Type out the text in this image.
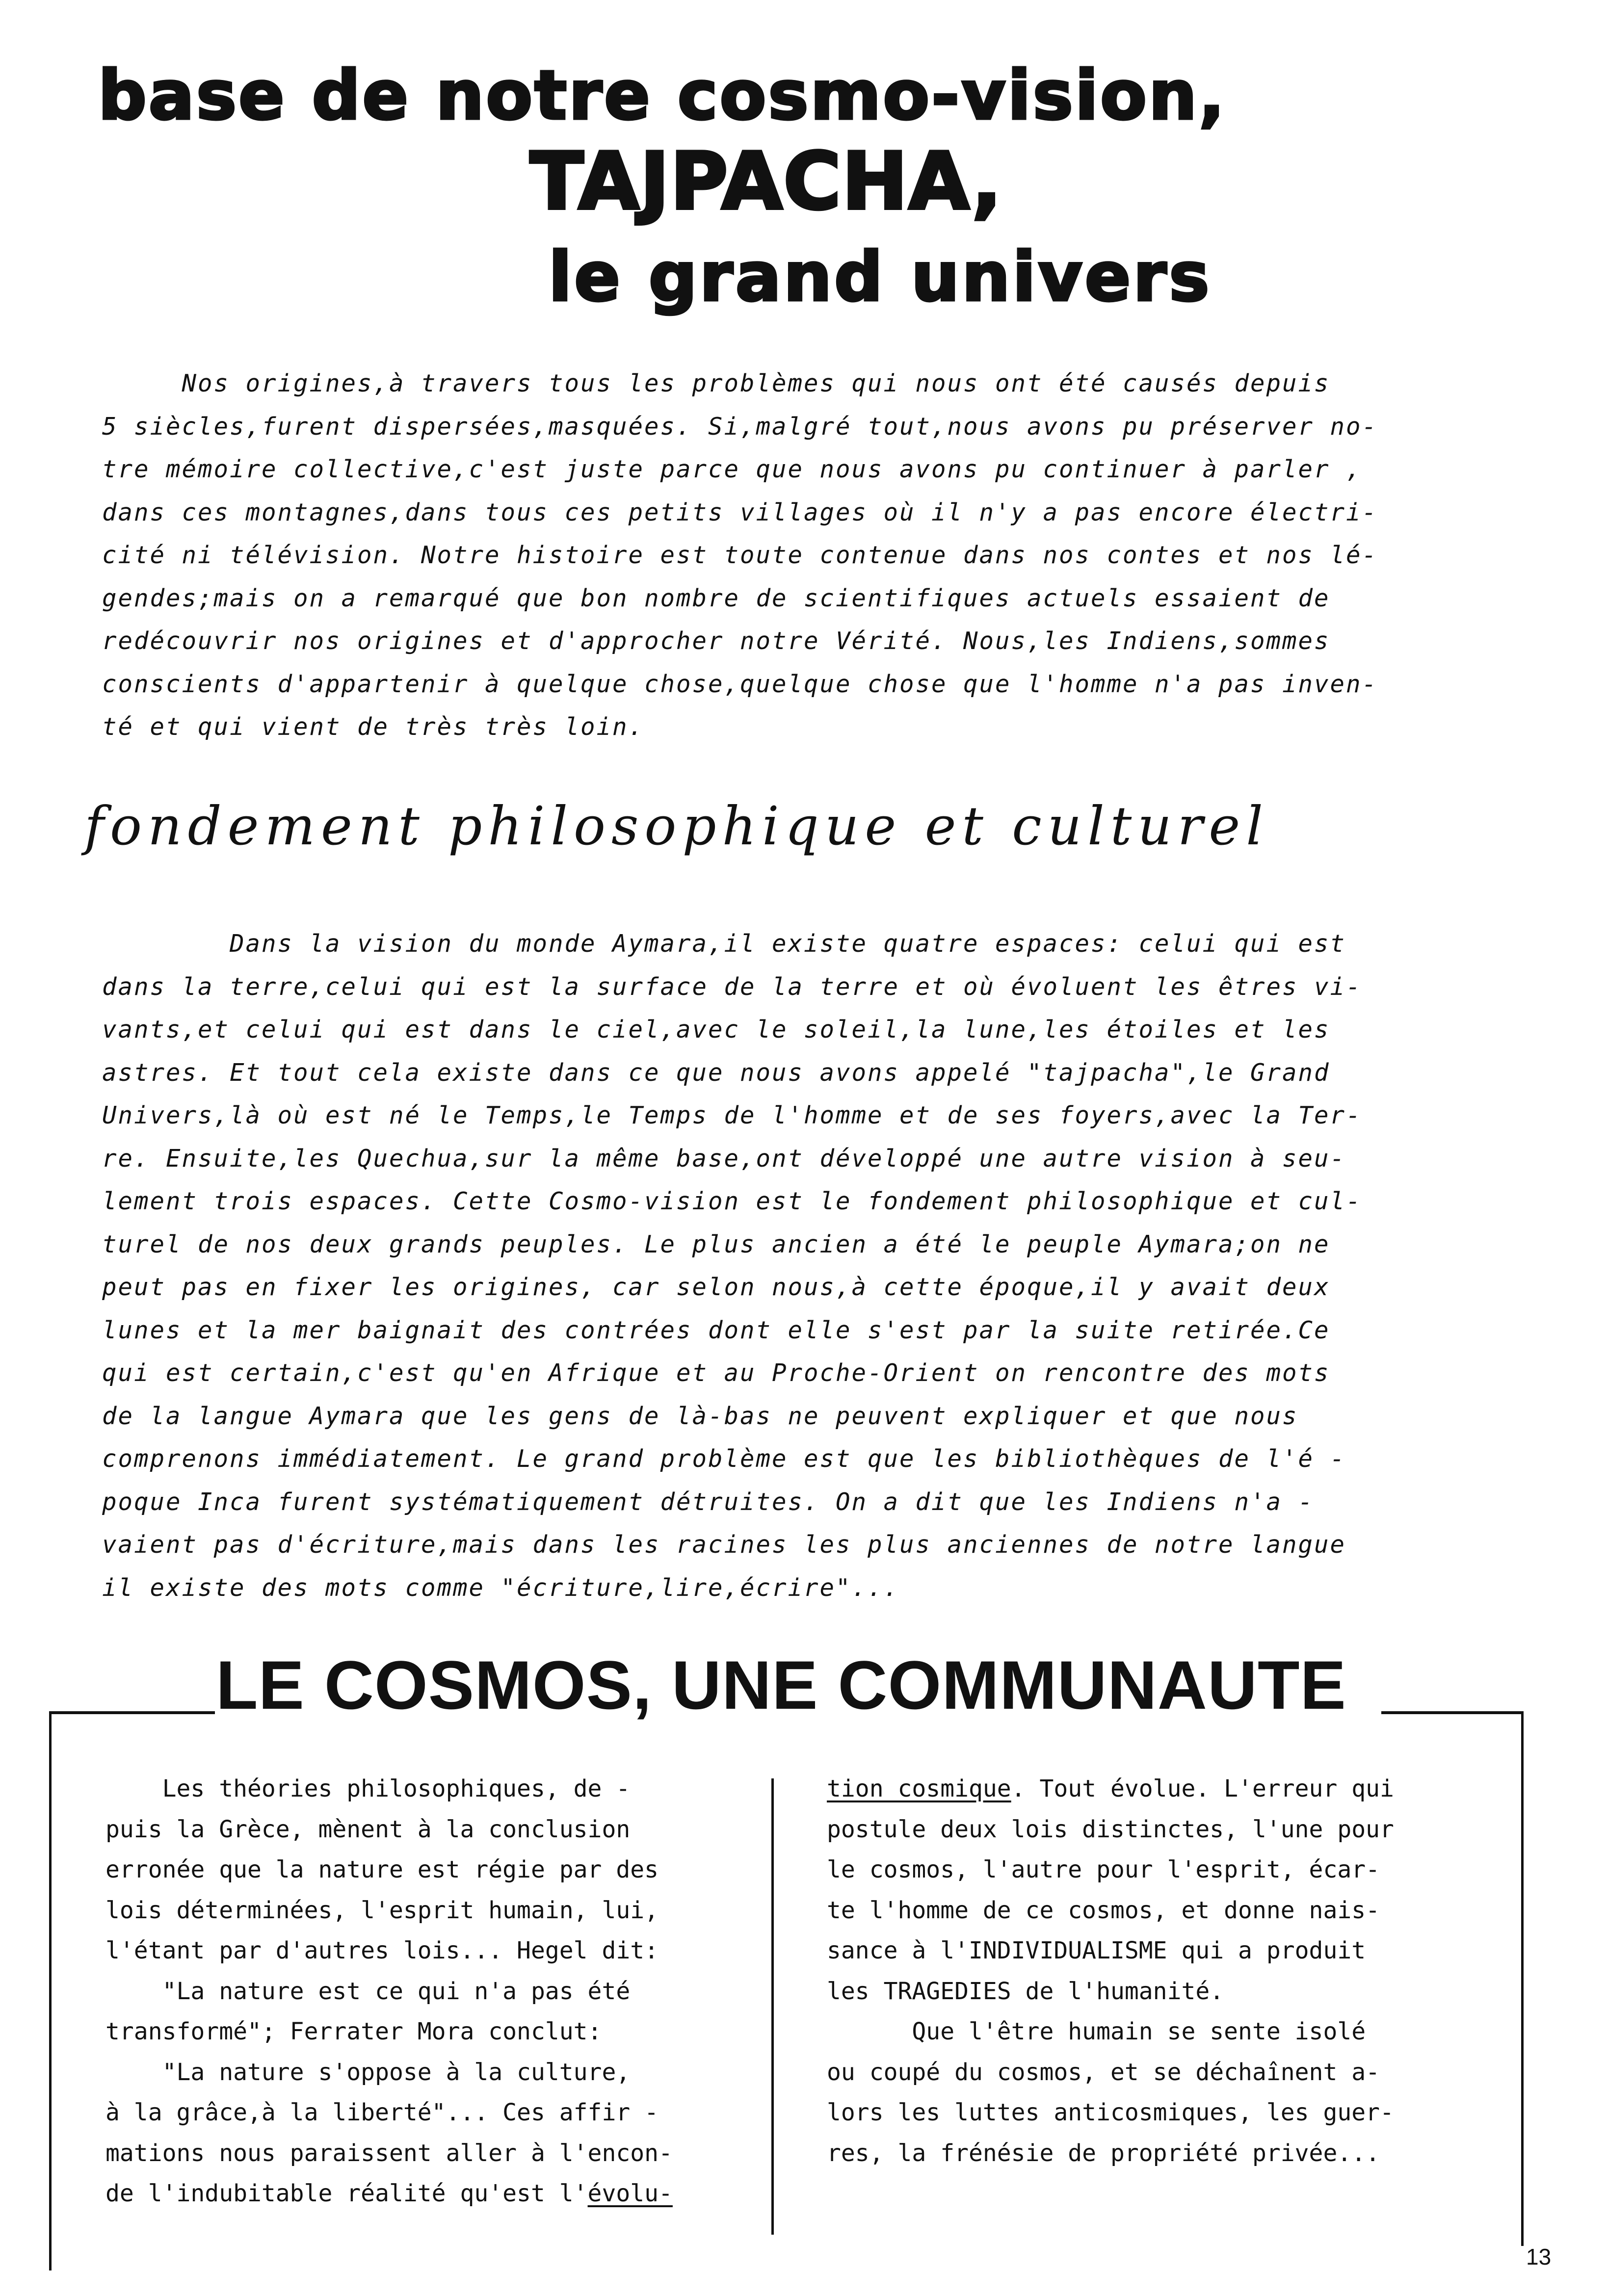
base de notre cosmo-vision,
TAJPACHA,
le grand univers
Nos origines,à travers tous les problèmes qui nous ont été causés depuis
5 siècles,furent dispersées,masquées. Si,malgré tout,nous avons pu préserver no-
tre mémoire collective,c'est juste parce que nous avons pu continuer à parler ,
dans ces montagnes,dans tous ces petits villages où il n'y a pas encore électri-
cité ni télévision. Notre histoire est toute contenue dans nos contes et nos lé-
gendes;mais on a remarqué que bon nombre de scientifiques actuels essaient de
redécouvrir nos origines et d'approcher notre Vérité. Nous,les Indiens,sommes
conscients d'appartenir à quelque chose,quelque chose que l'homme n'a pas inven-
té et qui vient de très très loin.
fondement philosophique et culturel
Dans la vision du monde Aymara,il existe quatre espaces: celui qui est
dans la terre,celui qui est la surface de la terre et où évoluent les êtres vi-
vants,et celui qui est dans le ciel,avec le soleil,la lune,les étoiles et les
astres. Et tout cela existe dans ce que nous avons appelé "tajpacha",le Grand
Univers,là où est né le Temps,le Temps de l'homme et de ses foyers,avec la Ter-
re. Ensuite,les Quechua,sur la même base,ont développé une autre vision à seu-
lement trois espaces. Cette Cosmo-vision est le fondement philosophique et cul-
turel de nos deux grands peuples. Le plus ancien a été le peuple Aymara;on ne
peut pas en fixer les origines, car selon nous,à cette époque,il y avait deux
lunes et la mer baignait des contrées dont elle s'est par la suite retirée.Ce
qui est certain,c'est qu'en Afrique et au Proche-Orient on rencontre des mots
de la langue Aymara que les gens de là-bas ne peuvent expliquer et que nous
comprenons immédiatement. Le grand problème est que les bibliothèques de l'é -
poque Inca furent systématiquement détruites. On a dit que les Indiens n'a -
vaient pas d'écriture,mais dans les racines les plus anciennes de notre langue
il existe des mots comme "écriture,lire,écrire"...
LE COSMOS, UNE COMMUNAUTE
Les théories philosophiques, de -
puis la Grèce, mènent à la conclusion
erronée que la nature est régie par des
lois déterminées, l'esprit humain, lui,
l'étant par d'autres lois... Hegel dit:
"La nature est ce qui n'a pas été
transformé"; Ferrater Mora conclut:
"La nature s'oppose à la culture,
à la grâce,à la liberté"... Ces affir -
mations nous paraissent aller à l'encon-
de l'indubitable réalité qu'est l'évolu-
tion cosmique. Tout évolue. L'erreur qui
postule deux lois distinctes, l'une pour
le cosmos, l'autre pour l'esprit, écar-
te l'homme de ce cosmos, et donne nais-
sance à l'INDIVIDUALISME qui a produit
les TRAGEDIES de l'humanité.
Que l'être humain se sente isolé
ou coupé du cosmos, et se déchaînent a-
lors les luttes anticosmiques, les guer-
res, la frénésie de propriété privée...
13
